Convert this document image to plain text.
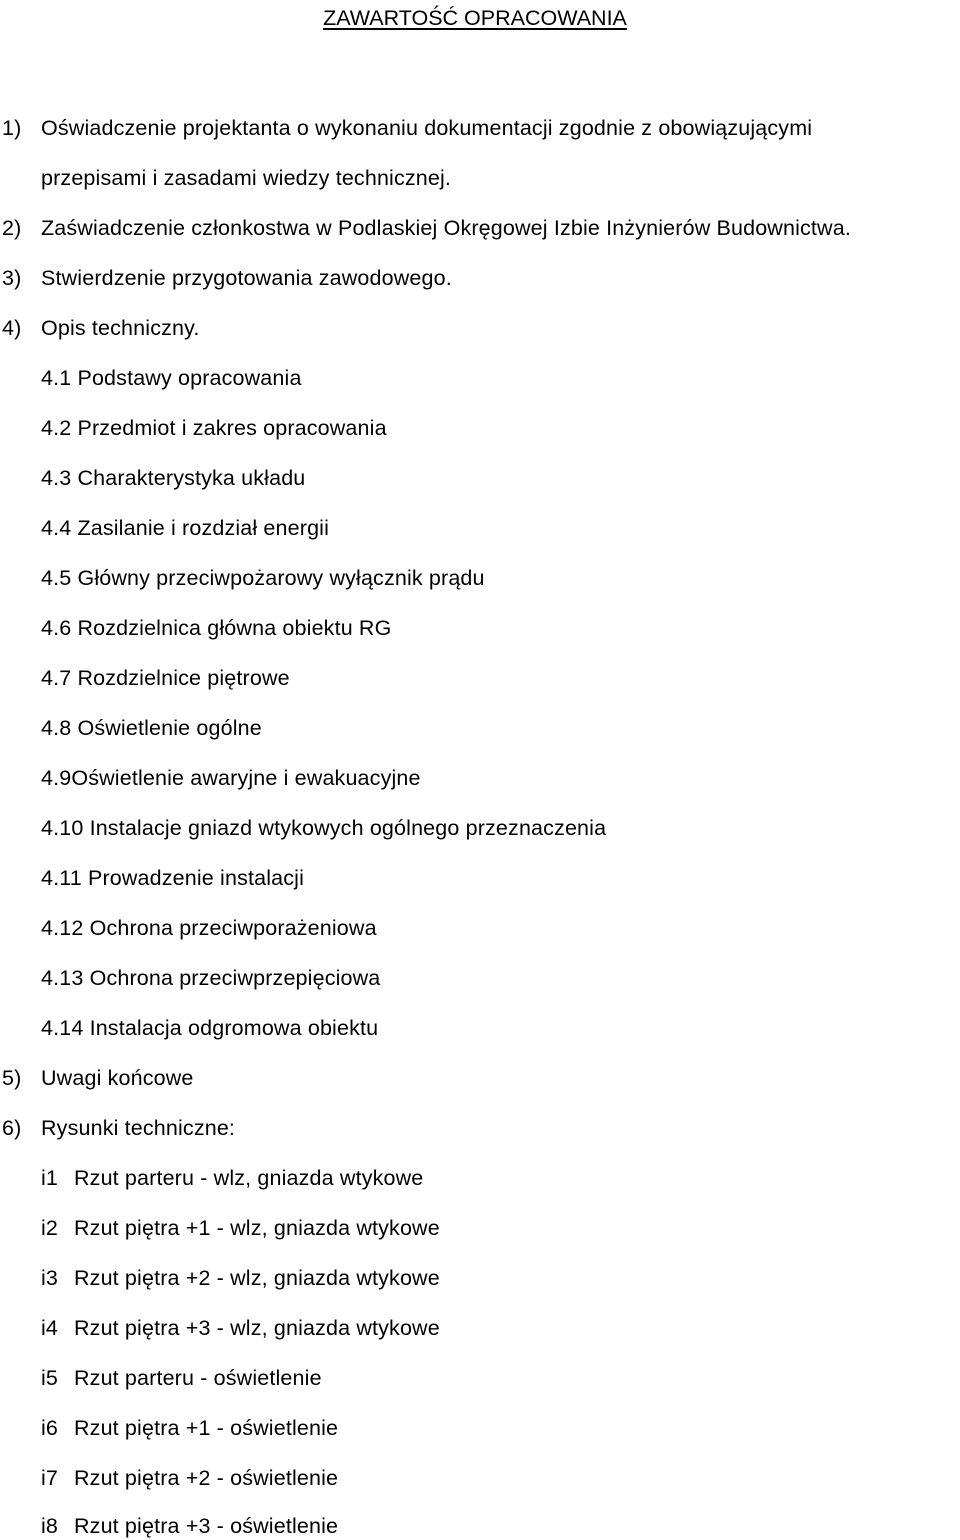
ZAWARTOŚĆ OPRACOWANIA
1) Oświadczenie projektanta o wykonaniu dokumentacji zgodnie z obowiązującymi
przepisami i zasadami wiedzy technicznej.
2) Zaświadczenie członkostwa w Podlaskiej Okręgowej Izbie Inżynierów Budownictwa.
3) Stwierdzenie przygotowania zawodowego.
4) Opis techniczny.
4.1 Podstawy opracowania
4.2 Przedmiot i zakres opracowania
4.3 Charakterystyka układu
4.4 Zasilanie i rozdział energii
4.5 Główny przeciwpożarowy wyłącznik prądu
4.6 Rozdzielnica główna obiektu RG
4.7 Rozdzielnice piętrowe
4.8 Oświetlenie ogólne
4.9Oświetlenie awaryjne i ewakuacyjne
4.10 Instalacje gniazd wtykowych ogólnego przeznaczenia
4.11 Prowadzenie instalacji
4.12 Ochrona przeciwporażeniowa
4.13 Ochrona przeciwprzepięciowa
4.14 Instalacja odgromowa obiektu
5) Uwagi końcowe
6) Rysunki techniczne:
i1 Rzut parteru - wlz, gniazda wtykowe
i2 Rzut piętra +1 - wlz, gniazda wtykowe
i3 Rzut piętra +2 - wlz, gniazda wtykowe
i4 Rzut piętra +3 - wlz, gniazda wtykowe
i5 Rzut parteru - oświetlenie
i6 Rzut piętra +1 - oświetlenie
i7 Rzut piętra +2 - oświetlenie
i8 Rzut piętra +3 - oświetlenie
